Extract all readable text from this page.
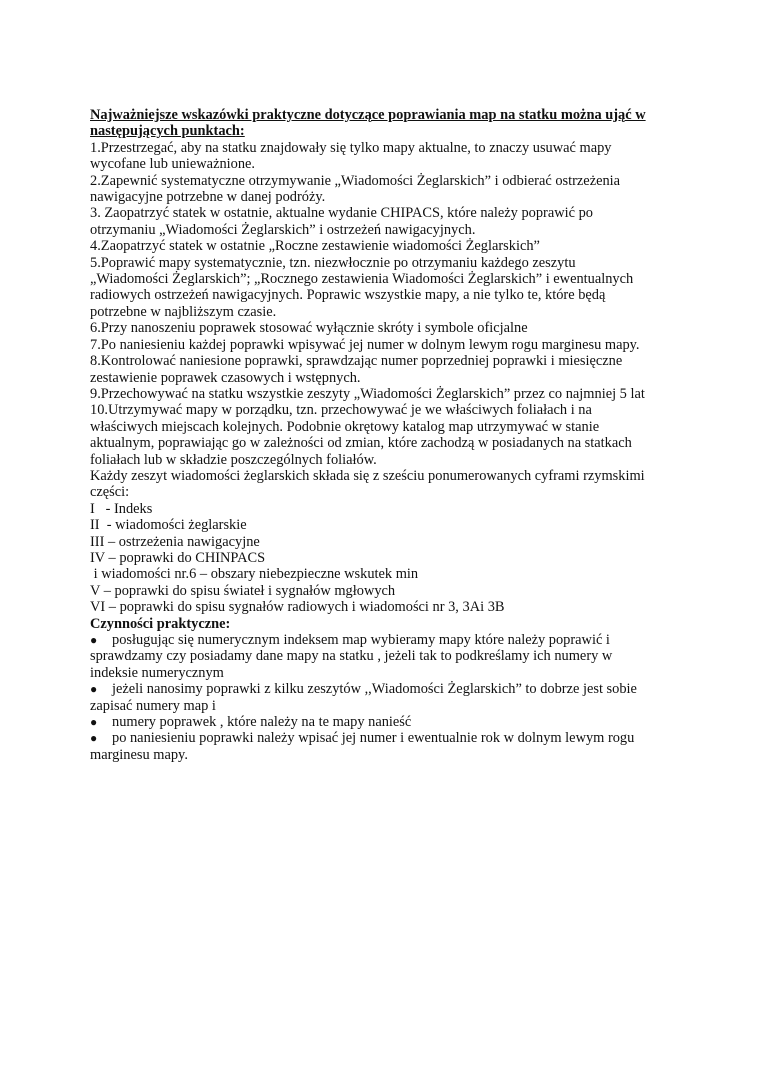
Najważniejsze wskazówki praktyczne dotyczące poprawiania map na statku można ująć w następujących punktach:

1.Przestrzegać, aby na statku znajdowały się tylko mapy aktualne, to znaczy usuwać mapy wycofane lub unieważnione.

2.Zapewnić systematyczne otrzymywanie „Wiadomości Żeglarskich” i odbierać ostrzeżenia nawigacyjne potrzebne w danej podróży.

3. Zaopatrzyć statek w ostatnie, aktualne wydanie CHIPACS, które należy poprawić po otrzymaniu „Wiadomości Żeglarskich” i ostrzeżeń nawigacyjnych.

4.Zaopatrzyć statek w ostatnie „Roczne zestawienie wiadomości Żeglarskich”

5.Poprawić mapy systematycznie, tzn. niezwłocznie po otrzymaniu każdego zeszytu „Wiadomości Żeglarskich”; „Rocznego zestawienia Wiadomości Żeglarskich” i ewentualnych radiowych ostrzeżeń nawigacyjnych. Poprawic wszystkie mapy, a nie tylko te, które będą potrzebne w najbliższym czasie.

6.Przy nanoszeniu poprawek stosować wyłącznie skróty i symbole oficjalne

7.Po naniesieniu każdej poprawki wpisywać jej numer w dolnym lewym rogu marginesu mapy.

8.Kontrolować naniesione poprawki, sprawdzając numer poprzedniej poprawki i miesięczne zestawienie poprawek czasowych i wstępnych.

9.Przechowywać na statku wszystkie zeszyty „Wiadomości Żeglarskich” przez co najmniej 5 lat

10.Utrzymywać mapy w porządku, tzn. przechowywać je we właściwych foliałach i na właściwych miejscach kolejnych. Podobnie okrętowy katalog map utrzymywać w stanie aktualnym, poprawiając go w zależności od zmian, które zachodzą w posiadanych na statkach foliałach lub w składzie poszczególnych foliałów.

Każdy zeszyt wiadomości żeglarskich składa się z sześciu ponumerowanych cyframi rzymskimi części:

I   - Indeks

II  - wiadomości żeglarskie

III – ostrzeżenia nawigacyjne

IV – poprawki do CHINPACS

i wiadomości nr.6 – obszary niebezpieczne wskutek min

V – poprawki do spisu świateł i sygnałów mgłowych

VI – poprawki do spisu sygnałów radiowych i wiadomości nr 3, 3Ai 3B

Czynności praktyczne:

● posługując się numerycznym indeksem map wybieramy mapy które należy poprawić i sprawdzamy czy posiadamy dane mapy na statku , jeżeli tak to podkreślamy ich numery w indeksie numerycznym
● jeżeli nanosimy poprawki z kilku zeszytów ,,Wiadomości Żeglarskich” to dobrze jest sobie zapisać numery map i
● numery poprawek , które należy na te mapy nanieść
● po naniesieniu poprawki należy wpisać jej numer i ewentualnie rok w dolnym lewym rogu marginesu mapy.
